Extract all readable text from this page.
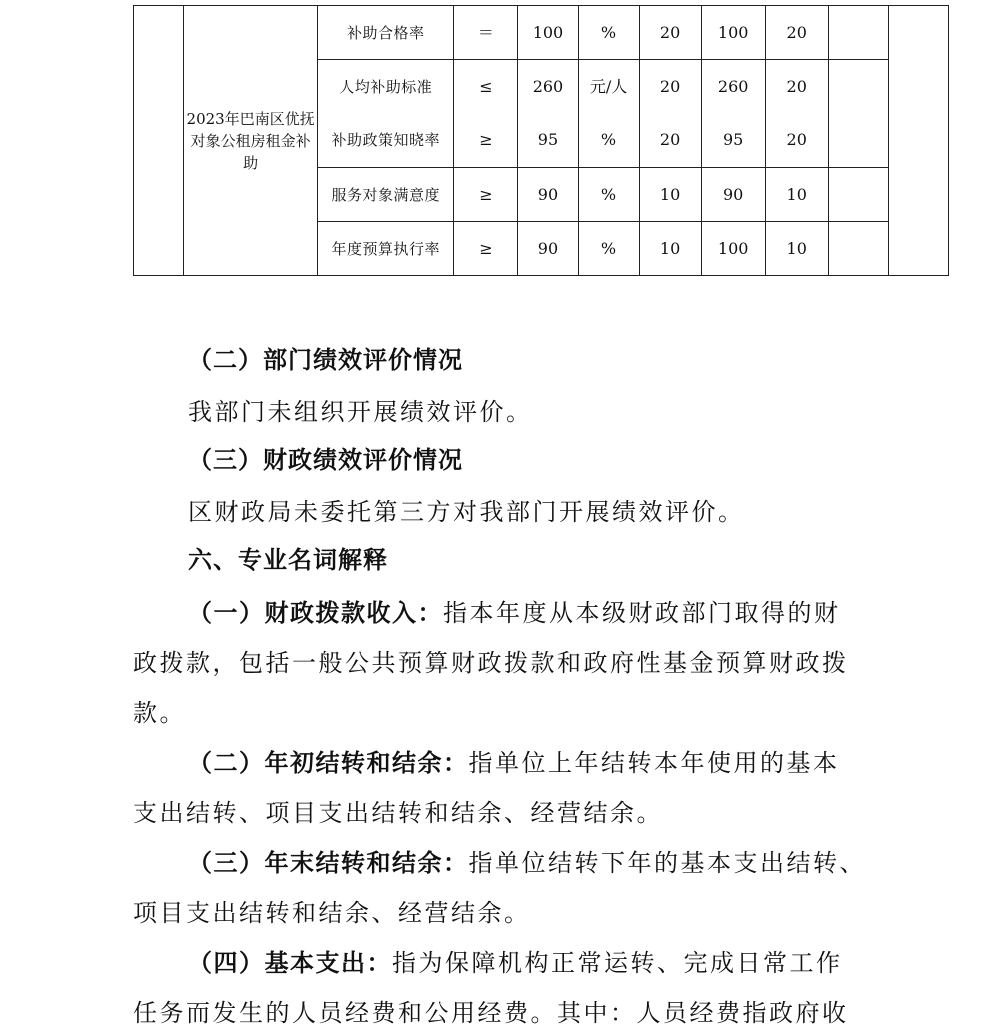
	2023年巴南区优抚对象公租房租金补助	补助合格率	＝	100	%	20	100	20		
		人均补助标准	≤	260	元/人	20	260	20		
		补助政策知晓率	≥	95	%	20	95	20		
		服务对象满意度	≥	90	%	10	90	10		
		年度预算执行率	≥	90	%	10	100	10		
（二）部门绩效评价情况
我部门未组织开展绩效评价。
（三）财政绩效评价情况
区财政局未委托第三方对我部门开展绩效评价。
六、专业名词解释
（一）财政拨款收入：指本年度从本级财政部门取得的财
政拨款，包括一般公共预算财政拨款和政府性基金预算财政拨
款。
（二）年初结转和结余：指单位上年结转本年使用的基本
支出结转、项目支出结转和结余、经营结余。
（三）年末结转和结余：指单位结转下年的基本支出结转、
项目支出结转和结余、经营结余。
（四）基本支出：指为保障机构正常运转、完成日常工作
任务而发生的人员经费和公用经费。其中：人员经费指政府收
